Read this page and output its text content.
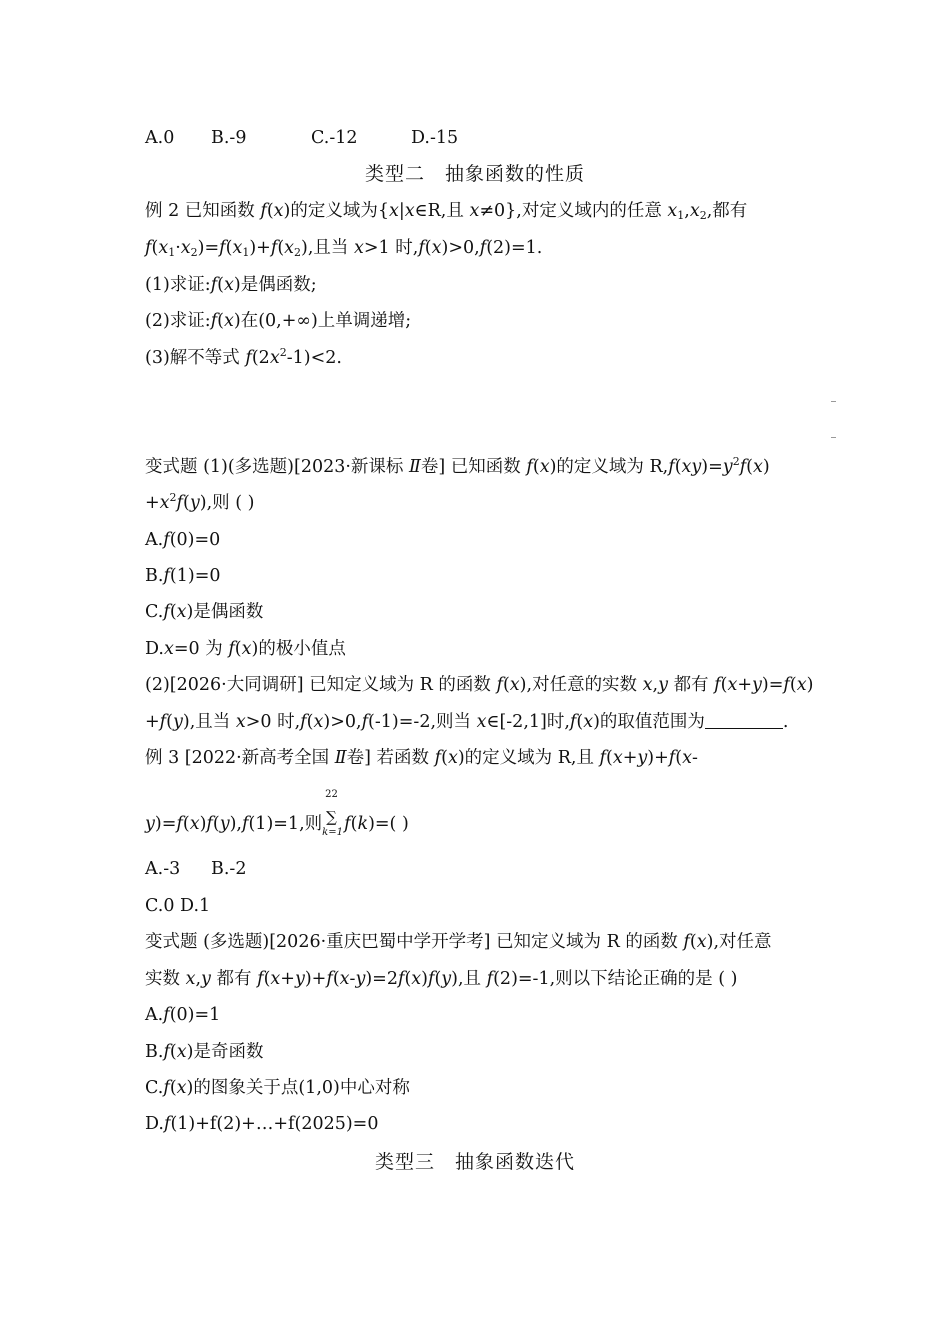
A.0 B.-9	C.-12	D.-15
类型二　抽象函数的性质
例 2 已知函数 f(x)的定义域为{x|x∈R,且 x≠0},对定义域内的任意 $x_1,x_2$,都有
$f(x_1\cdot x_2)=f(x_1)+f(x_2)$,且当 x>1 时,f(x)>0,f(2)=1.
(1)求证:f(x)是偶函数;
(2)求证:f(x)在(0,+∞)上单调递增;
(3)解不等式 $f(2x^2-1)<2$.
变式题 (1)(多选题)[2023·新课标 Ⅱ卷] 已知函数 f(x)的定义域为 $R,f(xy)=y^2f(x)$
$+x^2f(y)$,则 ( )
A.f(0)=0
B.f(1)=0
C.f(x)是偶函数
D.x=0 为 f(x)的极小值点
(2)[2026·大同调研] 已知定义域为 R 的函数 f(x),对任意的实数 x,y 都有 f(x+y)=f(x)
+f(y),且当 x>0 时,f(x)>0,f(-1)=-2,则当 x∈[-2,1]时,f(x)的取值范围为	.
例 3 [2022·新高考全国 Ⅱ卷] 若函数 f(x)的定义域为 R,且 f(x+y)+f(x-
y)=f(x)f(y),f(1)=1,则
22
∑
k=1 f(k)=( )
A.-3 B.-2
C.0 D.1
变式题 (多选题)[2026·重庆巴蜀中学开学考] 已知定义域为 R 的函数 f(x),对任意
实数 x,y 都有 f(x+y)+f(x-y)=2f(x)f(y),且 f(2)=-1,则以下结论正确的是 ( )
A.f(0)=1
B.f(x)是奇函数
C.f(x)的图象关于点(1,0)中心对称
D.f(1)+f(2)+…+f(2025)=0
类型三　抽象函数迭代
